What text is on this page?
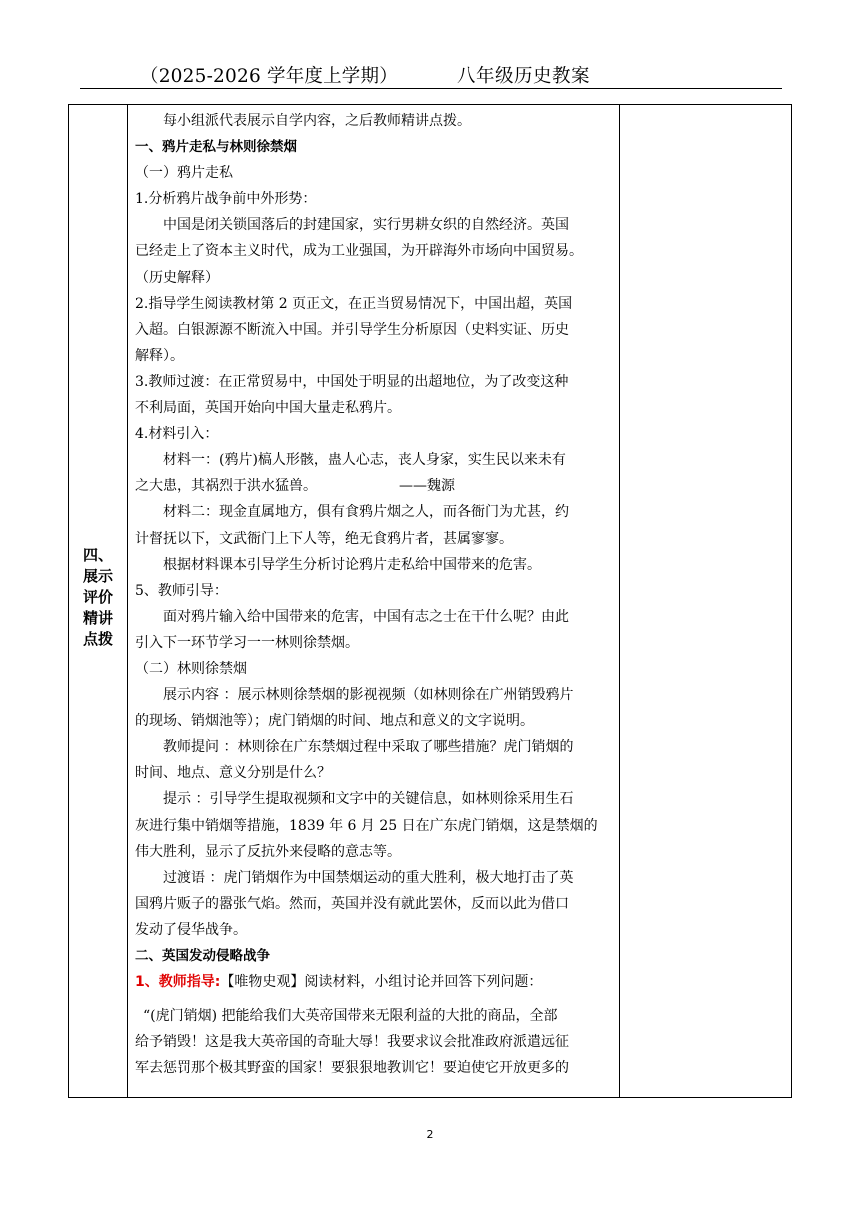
（2025-2026 学年度上学期）	八年级历史教案
四、
展示
评价
精讲
点拨
每小组派代表展示自学内容，之后教师精讲点拨。
一、鸦片走私与林则徐禁烟
（一）鸦片走私
1.分析鸦片战争前中外形势：
中国是闭关锁国落后的封建国家，实行男耕女织的自然经济。英国
已经走上了资本主义时代，成为工业强国，为开辟海外市场向中国贸易。
（历史解释）
2.指导学生阅读教材第 2 页正文，在正当贸易情况下，中国出超，英国
入超。白银源源不断流入中国。并引导学生分析原因（史料实证、历史
解释）。
3.教师过渡：在正常贸易中，中国处于明显的出超地位，为了改变这种
不利局面，英国开始向中国大量走私鸦片。
4.材料引入：
材料一：(鸦片)槁人形骸，蛊人心志，丧人身家，实生民以来未有
之大患，其祸烈于洪水猛兽。	——魏源
材料二：现金直属地方，俱有食鸦片烟之人，而各衙门为尤甚，约
计督抚以下，文武衙门上下人等，绝无食鸦片者，甚属寥寥。
根据材料课本引导学生分析讨论鸦片走私给中国带来的危害。
5、教师引导：
面对鸦片输入给中国带来的危害，中国有志之士在干什么呢？由此
引入下一环节学习一一林则徐禁烟。
（二）林则徐禁烟
展示内容 ：展示林则徐禁烟的影视视频（如林则徐在广州销毁鸦片
的现场、销烟池等）；虎门销烟的时间、地点和意义的文字说明。
教师提问 ：林则徐在广东禁烟过程中采取了哪些措施？虎门销烟的
时间、地点、意义分别是什么？
提示 ：引导学生提取视频和文字中的关键信息，如林则徐采用生石
灰进行集中销烟等措施，1839 年 6 月 25 日在广东虎门销烟，这是禁烟的
伟大胜利，显示了反抗外来侵略的意志等。
过渡语 ：虎门销烟作为中国禁烟运动的重大胜利，极大地打击了英
国鸦片贩子的嚣张气焰。然而，英国并没有就此罢休，反而以此为借口
发动了侵华战争。
二、英国发动侵略战争
1、教师指导:【唯物史观】阅读材料，小组讨论并回答下列问题：
“(虎门销烟) 把能给我们大英帝国带来无限利益的大批的商品，全部
给予销毁！这是我大英帝国的奇耻大辱！我要求议会批准政府派遣远征
军去惩罚那个极其野蛮的国家！要狠狠地教训它！要迫使它开放更多的
2
